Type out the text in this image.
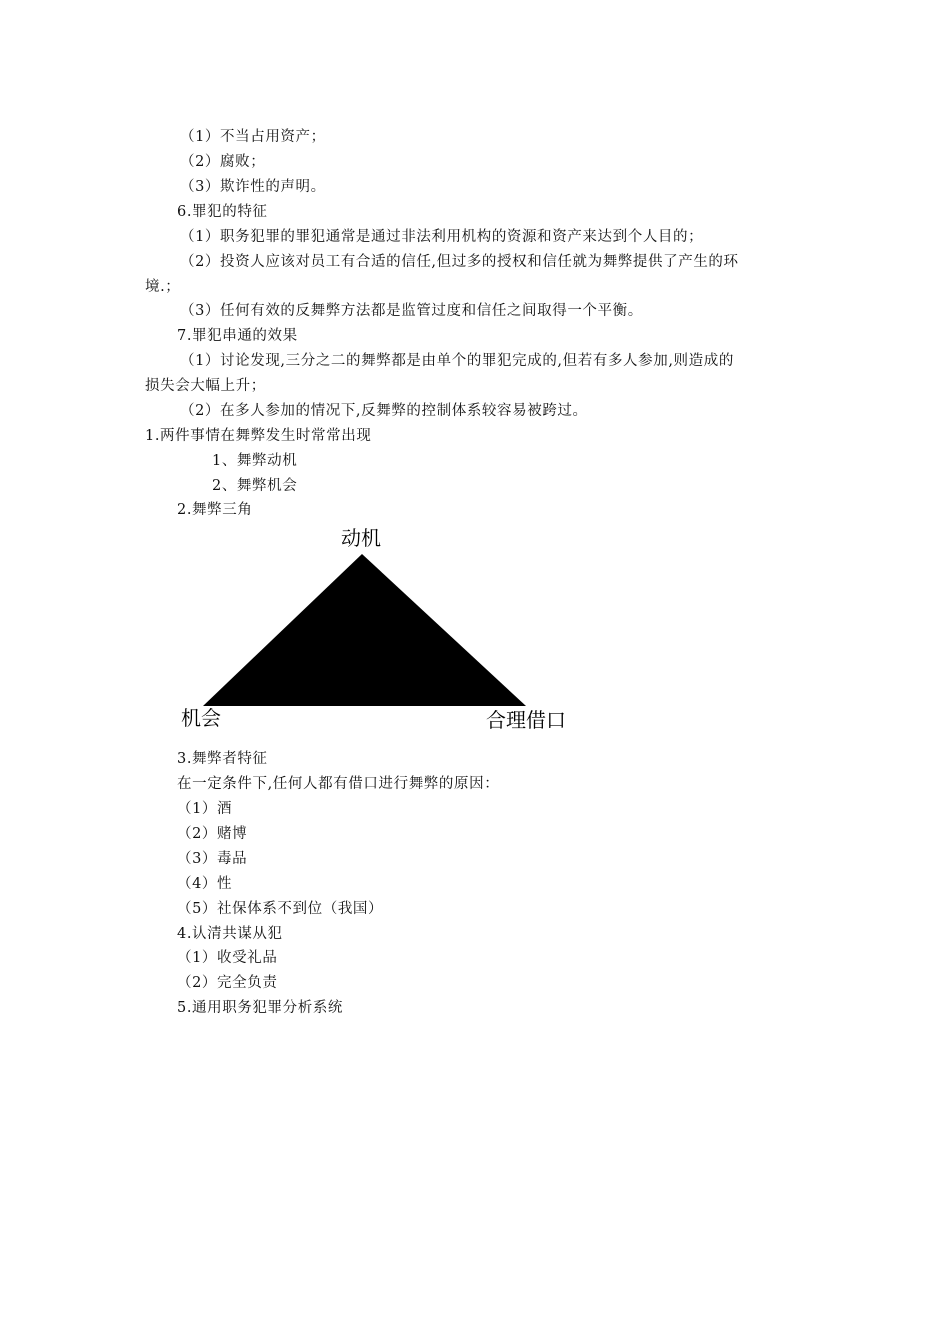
（1）不当占用资产；
（2）腐败；
（3）欺诈性的声明。
6.罪犯的特征
（1）职务犯罪的罪犯通常是通过非法利用机构的资源和资产来达到个人目的；
（2）投资人应该对员工有合适的信任,但过多的授权和信任就为舞弊提供了产生的环
境.；
（3）任何有效的反舞弊方法都是监管过度和信任之间取得一个平衡。
7.罪犯串通的效果
（1）讨论发现,三分之二的舞弊都是由单个的罪犯完成的,但若有多人参加,则造成的
损失会大幅上升；
（2）在多人参加的情况下,反舞弊的控制体系较容易被跨过。
1.两件事情在舞弊发生时常常出现
1、舞弊动机
2、舞弊机会
2.舞弊三角
动机
机会	合理借口
3.舞弊者特征
在一定条件下,任何人都有借口进行舞弊的原因：
（1）酒
（2）赌博
（3）毒品
（4）性
（5）社保体系不到位（我国）
4.认清共谋从犯
（1）收受礼品
（2）完全负责
5.通用职务犯罪分析系统
